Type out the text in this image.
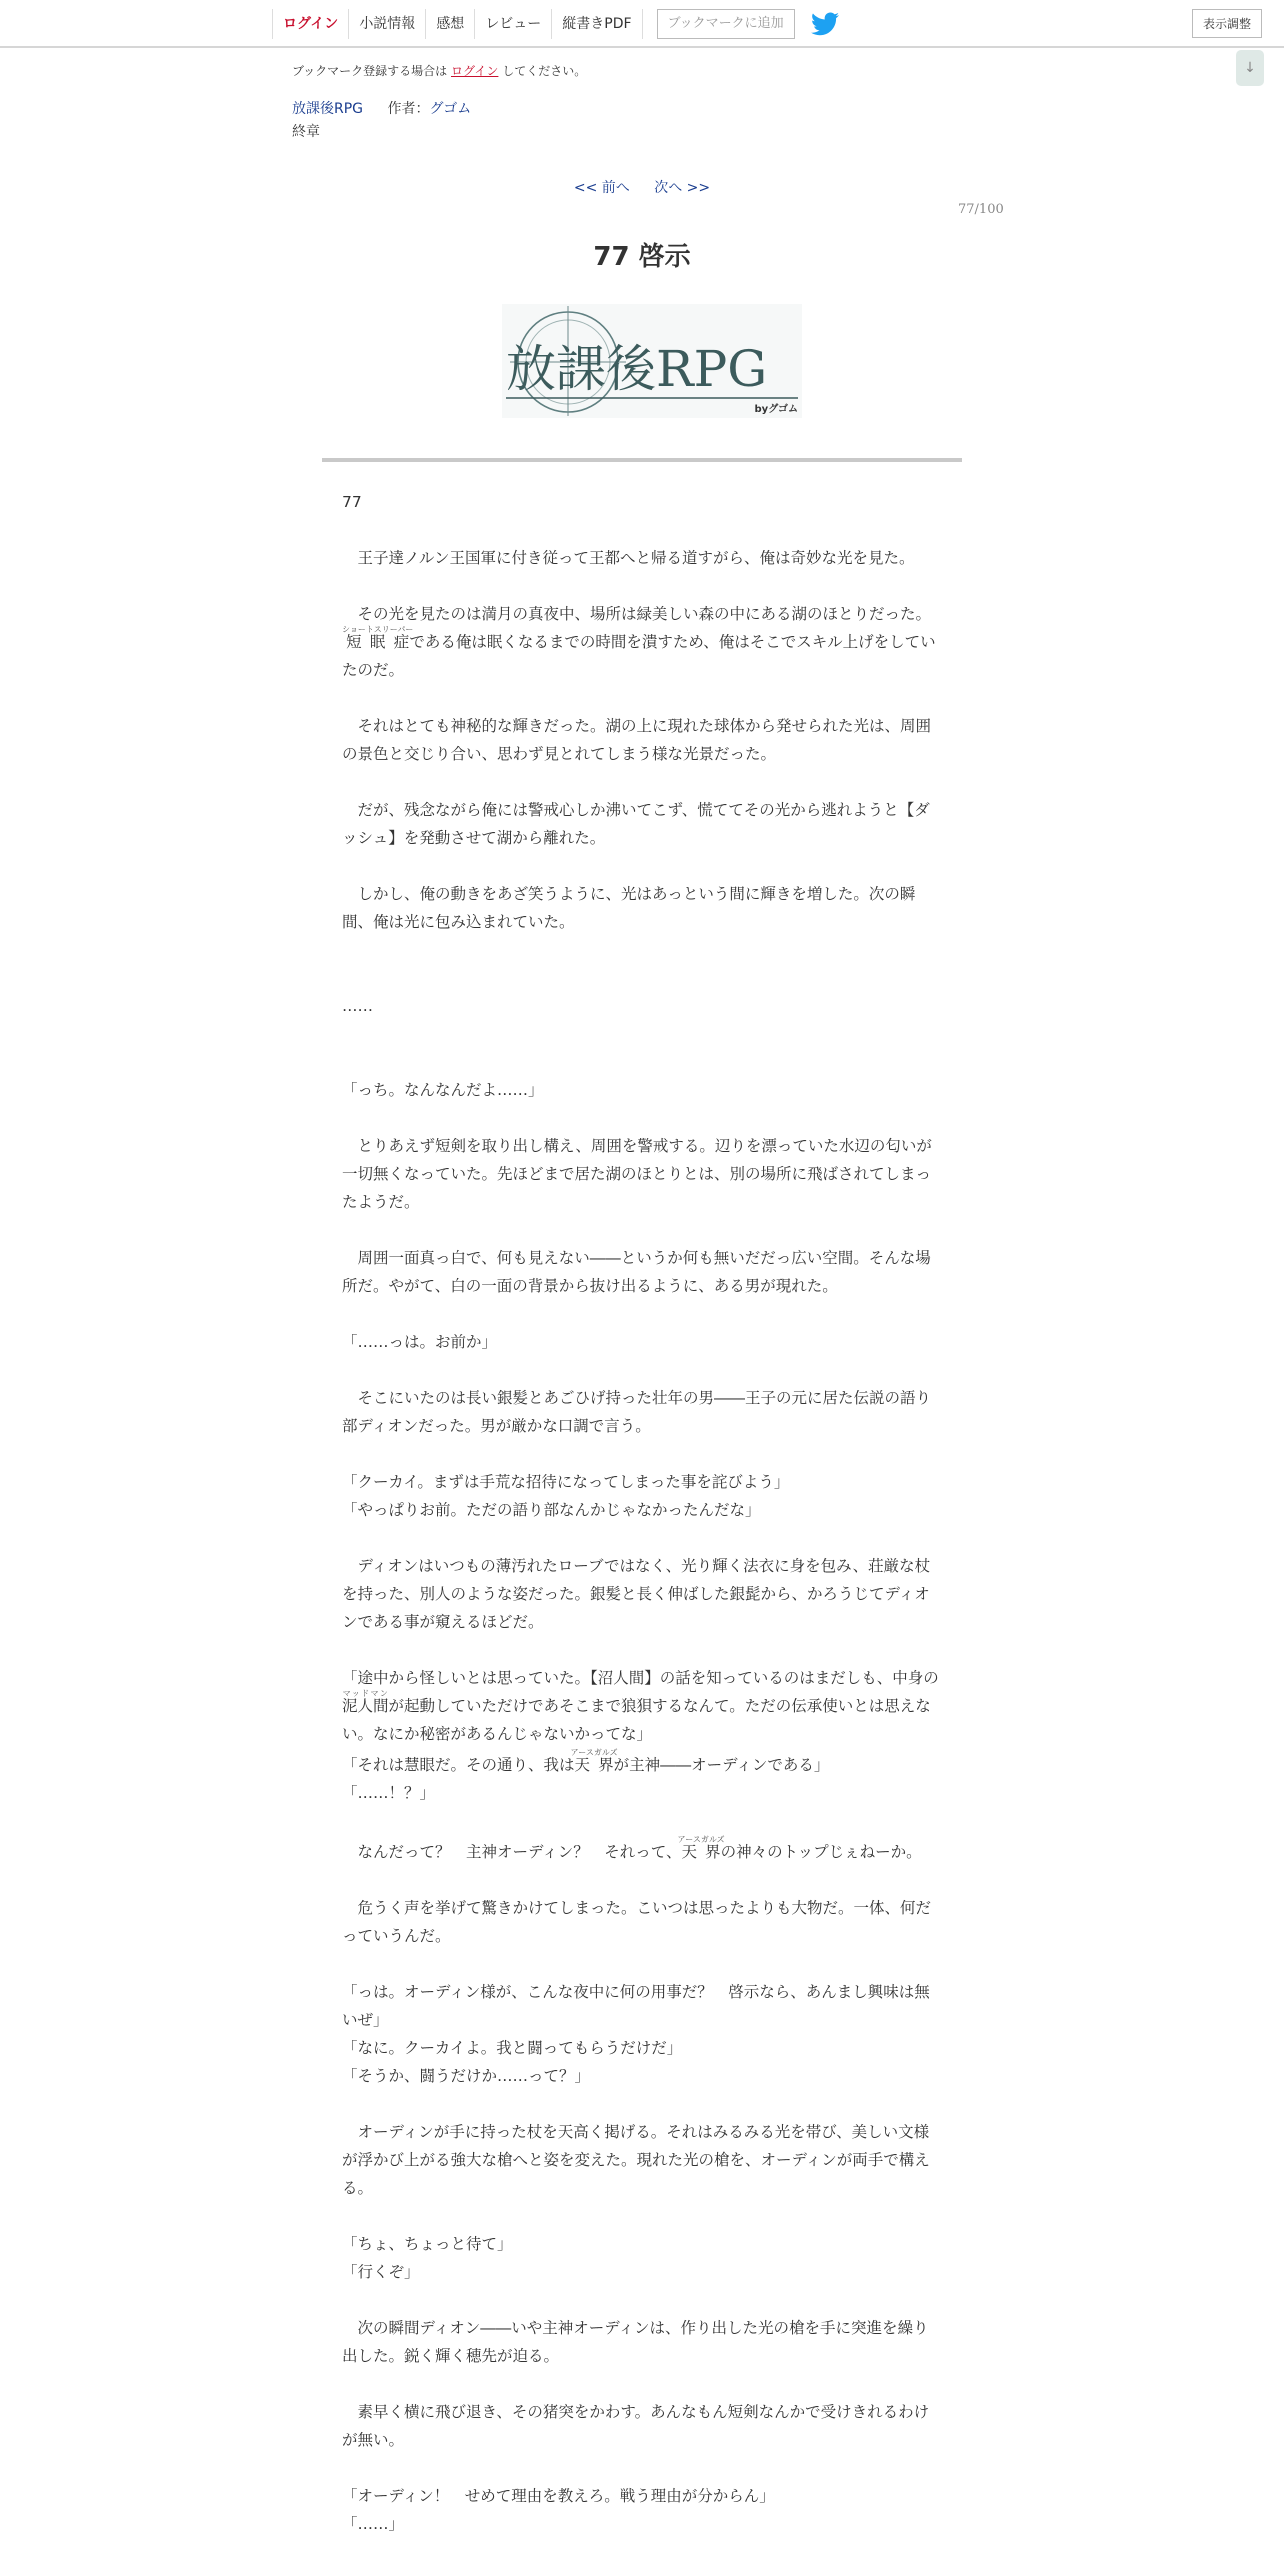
ログイン	小説情報	感想	レビュー	縦書きPDF	ブックマークに追加	表示調整
↓
ブックマーク登録する場合は ログイン してください。
放課後RPG 作者：グゴム
終章
<< 前へ 次へ >>
77/100
77 啓示
放課後RPG
byグゴム

77

　王子達ノルン王国軍に付き従って王都へと帰る道すがら、俺は奇妙な光を見た。

　その光を見たのは満月の真夜中、場所は緑美しい森の中にある湖のほとりだった。短眠症ショートスリーパーである俺は眠くなるまでの時間を潰すため、俺はそこでスキル上げをしていたのだ。

　それはとても神秘的な輝きだった。湖の上に現れた球体から発せられた光は、周囲の景色と交じり合い、思わず見とれてしまう様な光景だった。

　だが、残念ながら俺には警戒心しか沸いてこず、慌ててその光から逃れようと【ダッシュ】を発動させて湖から離れた。

　しかし、俺の動きをあざ笑うように、光はあっという間に輝きを増した。次の瞬間、俺は光に包み込まれていた。

……

「っち。なんなんだよ……」

　とりあえず短剣を取り出し構え、周囲を警戒する。辺りを漂っていた水辺の匂いが一切無くなっていた。先ほどまで居た湖のほとりとは、別の場所に飛ばされてしまったようだ。

　周囲一面真っ白で、何も見えない――というか何も無いだだっ広い空間。そんな場所だ。やがて、白の一面の背景から抜け出るように、ある男が現れた。

「……っは。お前か」

　そこにいたのは長い銀髪とあごひげ持った壮年の男――王子の元に居た伝説の語り部ディオンだった。男が厳かな口調で言う。

「クーカイ。まずは手荒な招待になってしまった事を詫びよう」

「やっぱりお前。ただの語り部なんかじゃなかったんだな」

　ディオンはいつもの薄汚れたローブではなく、光り輝く法衣に身を包み、荘厳な杖を持った、別人のような姿だった。銀髪と長く伸ばした銀髭から、かろうじてディオンである事が窺えるほどだ。

「途中から怪しいとは思っていた。【沼人間】の話を知っているのはまだしも、中身の泥人間マッドマンが起動していただけであそこまで狼狽するなんて。ただの伝承使いとは思えない。なにか秘密があるんじゃないかってな」

「それは慧眼だ。その通り、我は天界アースガルズが主神――オーディンである」

「……！？」

　なんだって？　主神オーディン？　それって、天界アースガルズの神々のトップじぇねーか。

　危うく声を挙げて驚きかけてしまった。こいつは思ったよりも大物だ。一体、何だっていうんだ。

「っは。オーディン様が、こんな夜中に何の用事だ？　啓示なら、あんまし興味は無いぜ」

「なに。クーカイよ。我と闘ってもらうだけだ」

「そうか、闘うだけか……って？」

　オーディンが手に持った杖を天高く掲げる。それはみるみる光を帯び、美しい文様が浮かび上がる強大な槍へと姿を変えた。現れた光の槍を、オーディンが両手で構える。

「ちょ、ちょっと待て」

「行くぞ」

　次の瞬間ディオン――いや主神オーディンは、作り出した光の槍を手に突進を繰り出した。鋭く輝く穂先が迫る。

　素早く横に飛び退き、その猪突をかわす。あんなもん短剣なんかで受けきれるわけが無い。

「オーディン！　せめて理由を教えろ。戦う理由が分からん」

「……」
